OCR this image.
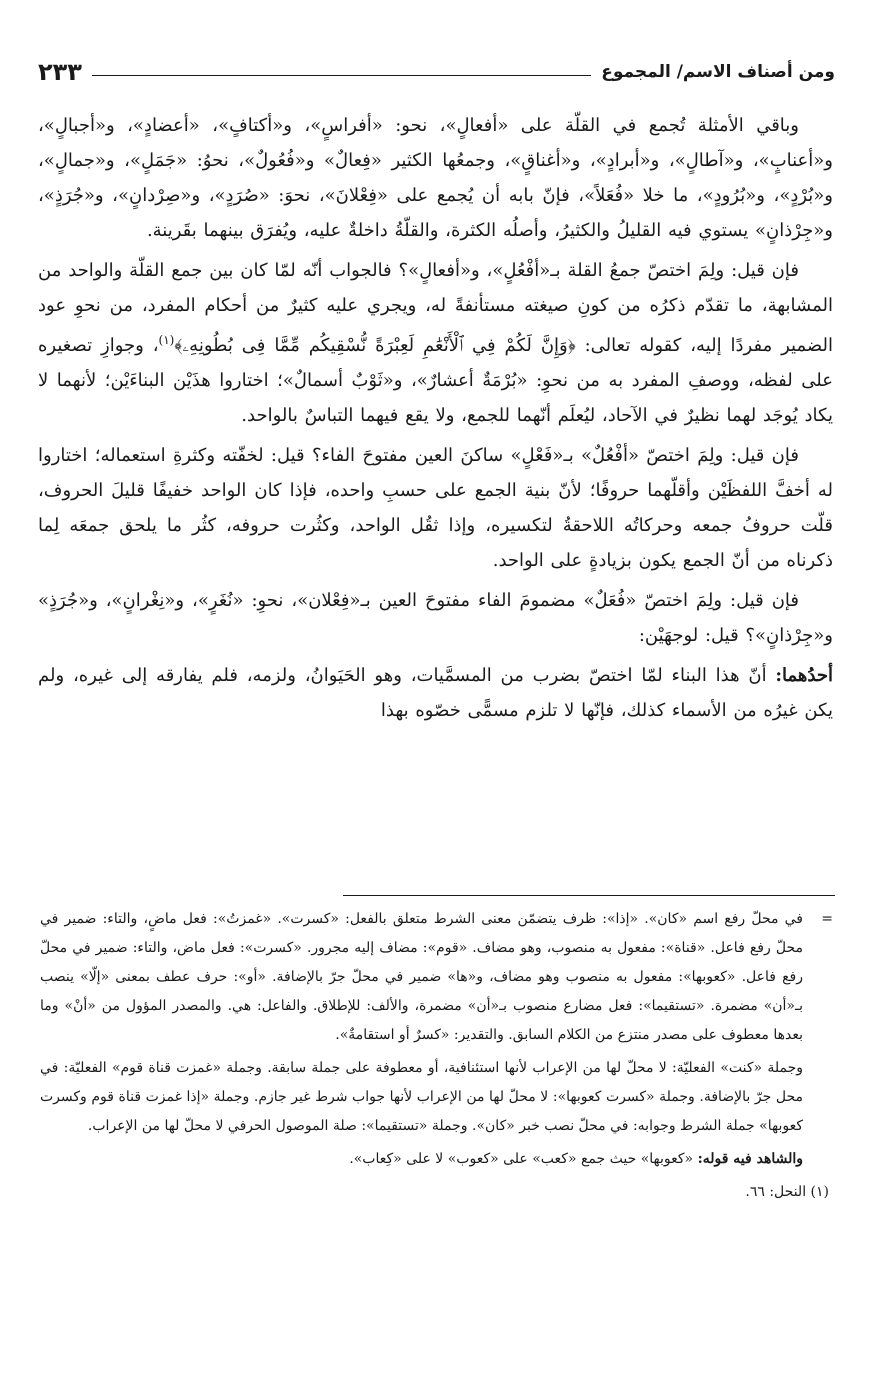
ومن أصناف الاسم/ المجموع
٢٣٣

وباقي الأمثلة تُجمع في القلّة على «أفعالٍ»، نحو: «أفراسٍ»، و«أكتافٍ»، «أعضادٍ»، و«أجبالٍ»، و«أعنابٍ»، و«آطالٍ»، و«أبرادٍ»، و«أغناقٍ»، وجمعُها الكثير «فِعالٌ» و«فُعُولٌ»، نحوُ: «جَمَلٍ»، و«جمالٍ»، و«بُرْدٍ»، و«بُرُودٍ»، ما خلا «فُعَلاً»، فإنّ بابه أن يُجمع على «فِعْلانَ»، نحوَ: «صُرَدٍ»، و«صِرْدانٍ»، و«جُرَذٍ»، و«جِرْذانٍ» يستوي فيه القليلُ والكثيرُ، وأصلُه الكثرة، والقلّةُ داخلةٌ عليه، ويُفرَق بينهما بقَرينة.

فإن قيل: ولِمَ اختصّ جمعُ القلة بـ«أفْعُلٍ»، و«أفعالٍ»؟ فالجواب أنّه لمّا كان بين جمع القلّة والواحد من المشابهة، ما تقدّم ذكرُه من كونِ صيغته مستأنفةً له، ويجري عليه كثيرٌ من أحكام المفرد، من نحوِ عود الضمير مفردًا إليه، كقوله تعالى: ﴿وَإِنَّ لَكُمْ فِي ٱلْأَنْعَٰمِ لَعِبْرَةً نُّسْقِيكُم مِّمَّا فِى بُطُونِهِۦ﴾$^{(١)}$، وجوازِ تصغيره على لفظه، ووصفِ المفرد به من نحوِ: «بُرْمَةٌ أعشارٌ»، و«ثَوْبٌ أسمالٌ»؛ اختاروا هذَيْن البناءَيْن؛ لأنهما لا يكاد يُوجَد لهما نظيرٌ في الآحاد، ليُعلَم أنّهما للجمع، ولا يقع فيهما التباسٌ بالواحد.

فإن قيل: ولِمَ اختصّ «أفْعُلٌ» بـ«فَعْلٍ» ساكنَ العين مفتوحَ الفاء؟ قيل: لخفّته وكثرةِ استعماله؛ اختاروا له أخفَّ اللفظَيْن وأقلّهما حروفًا؛ لأنّ بنية الجمع على حسبِ واحده، فإذا كان الواحد خفيفًا قليلَ الحروف، قلّت حروفُ جمعه وحركاتُه اللاحقةُ لتكسيره، وإذا ثقُل الواحد، وكثُرت حروفه، كثُر ما يلحق جمعَه لِما ذكرناه من أنّ الجمع يكون بزيادةٍ على الواحد.

فإن قيل: ولِمَ اختصّ «فُعَلٌ» مضمومَ الفاء مفتوحَ العين بـ«فِعْلان»، نحوِ: «نُغَرٍ»، و«نِغْرانٍ»، و«جُرَذٍ» و«جِرْذانٍ»؟ قيل: لوجهَيْن:

أحدُهما: أنّ هذا البناء لمّا اختصّ بضرب من المسمَّيات، وهو الحَيَوانُ، ولزمه، فلم يفارقه إلى غيره، ولم يكن غيرُه من الأسماء كذلك، فإنّها لا تلزم مسمًّى خصّوه بهذا

=

في محلّ رفع اسم «كان». «إذا»: ظرف يتضمّن معنى الشرط متعلق بالفعل: «كسرت». «غمزتُ»: فعل ماضٍ، والتاء: ضمير في محلّ رفع فاعل. «قناة»: مفعول به منصوب، وهو مضاف. «قوم»: مضاف إليه مجرور. «كسرت»: فعل ماض، والتاء: ضمير في محلّ رفع فاعل. «كعوبها»: مفعول به منصوب وهو مضاف، و«ها» ضمير في محلّ جرّ بالإضافة. «أو»: حرف عطف بمعنى «إلّا» ينصب بـ«أن» مضمرة. «تستقيما»: فعل مضارع منصوب بـ«أن» مضمرة، والألف: للإطلاق. والفاعل: هي. والمصدر المؤول من «أنْ» وما بعدها معطوف على مصدر منتزع من الكلام السابق. والتقدير: «كسرٌ أو استقامةٌ».

وجملة «كنت» الفعليّة: لا محلّ لها من الإعراب لأنها استئنافية، أو معطوفة على جملة سابقة. وجملة «غمزت قناة قوم» الفعليّة: في محل جرّ بالإضافة. وجملة «كسرت كعوبها»: لا محلّ لها من الإعراب لأنها جواب شرط غير جازم. وجملة «إذا غمزت قناة قوم وكسرت كعوبها» جملة الشرط وجوابه: في محلّ نصب خبر «كان». وجملة «تستقيما»: صلة الموصول الحرفي لا محلّ لها من الإعراب.

والشاهد فيه قوله: «كعوبها» حيث جمع «كعب» على «كعوب» لا على «كِعاب».

(١) النحل: ٦٦.
